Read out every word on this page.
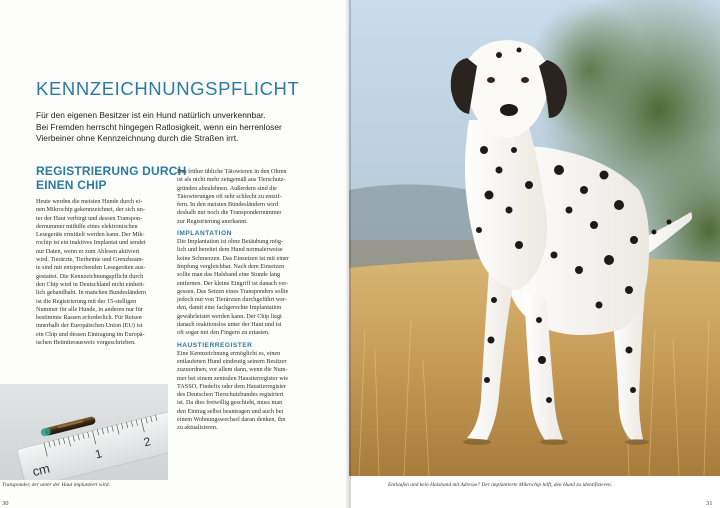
KENNZEICHNUNGSPFLICHT
Für den eigenen Besitzer ist ein Hund natürlich unverkennbar.
Bei Fremden herrscht hingegen Ratlosigkeit, wenn ein herrenloser
Vierbeiner ohne Kennzeichnung durch die Straßen irrt.
REGISTRIERUNG DURCH
EINEN CHIP
Heute werden die meisten Hunde durch ei-
nen Mikrochip gekennzeichnet, der sich un-
ter der Haut verbirgt und dessen Transpon-
dernummer mithilfe eines elektronischen
Lesegeräts ermittelt werden kann. Der Mik-
rochip ist ein inaktives Implantat und sendet
nur Daten, wenn er zum Ablesen aktiviert
wird. Tierärzte, Tierheime und Grenzbeam-
te sind mit entsprechenden Lesegeräten aus-
gestattet. Die Kennzeichnungspflicht durch
den Chip wird in Deutschland nicht einheit-
lich gehandhabt. In manchen Bundesländern
ist die Registrierung mit der 15-stelligen
Nummer für alle Hunde, in anderen nur für
bestimmte Rassen erforderlich. Für Reisen
innerhalb der Europäischen Union (EU) ist
ein Chip und dessen Eintragung im Europä-
ischen Heimtierausweis vorgeschrieben.
Das früher übliche Tätowieren in den Ohren
ist als nicht mehr zeitgemäß aus Tierschutz-
gründen abzulehnen. Außerdem sind die
Tätowierungen oft sehr schlecht zu entzif-
fern. In den meisten Bundesländern wird
deshalb nur noch die Transpondernummer
zur Registrierung anerkannt.
IMPLANTATION
Die Implantation ist ohne Betäubung mög-
lich und bereitet dem Hund normalerweise
keine Schmerzen. Das Einsetzen ist mit einer
Impfung vergleichbar. Nach dem Einsetzen
sollte man das Halsband eine Stunde lang
entfernen. Der kleine Eingriff ist danach ver-
gessen. Das Setzen eines Transponders sollte
jedoch nur von Tierärzten durchgeführt wer-
den, damit eine fachgerechte Implantation
gewährleistet werden kann. Der Chip liegt
danach reaktionslos unter der Haut und ist
oft sogar mit den Fingern zu ertasten.
HAUSTIERREGISTER
Eine Kennzeichnung ermöglicht es, einen
entlaufenen Hund eindeutig seinem Besitzer
zuzuordnen, vor allem dann, wenn die Num-
mer bei einem zentralen Haustierregister wie
TASSO, Findefix oder dem Haustierregister
des Deutschen Tierschutzbundes registriert
ist. Da dies freiwillig geschieht, muss man
den Eintrag selbst beantragen und auch bei
einem Wohnungswechsel daran denken, ihn
zu aktualisieren.
cm
1
2

Transponder, der unter der Haut implantiert wird.

30

Entlaufen und kein Halsband mit Adresse? Der implantierte Mikrochip hilft, den Hund zu identifizieren.

31
